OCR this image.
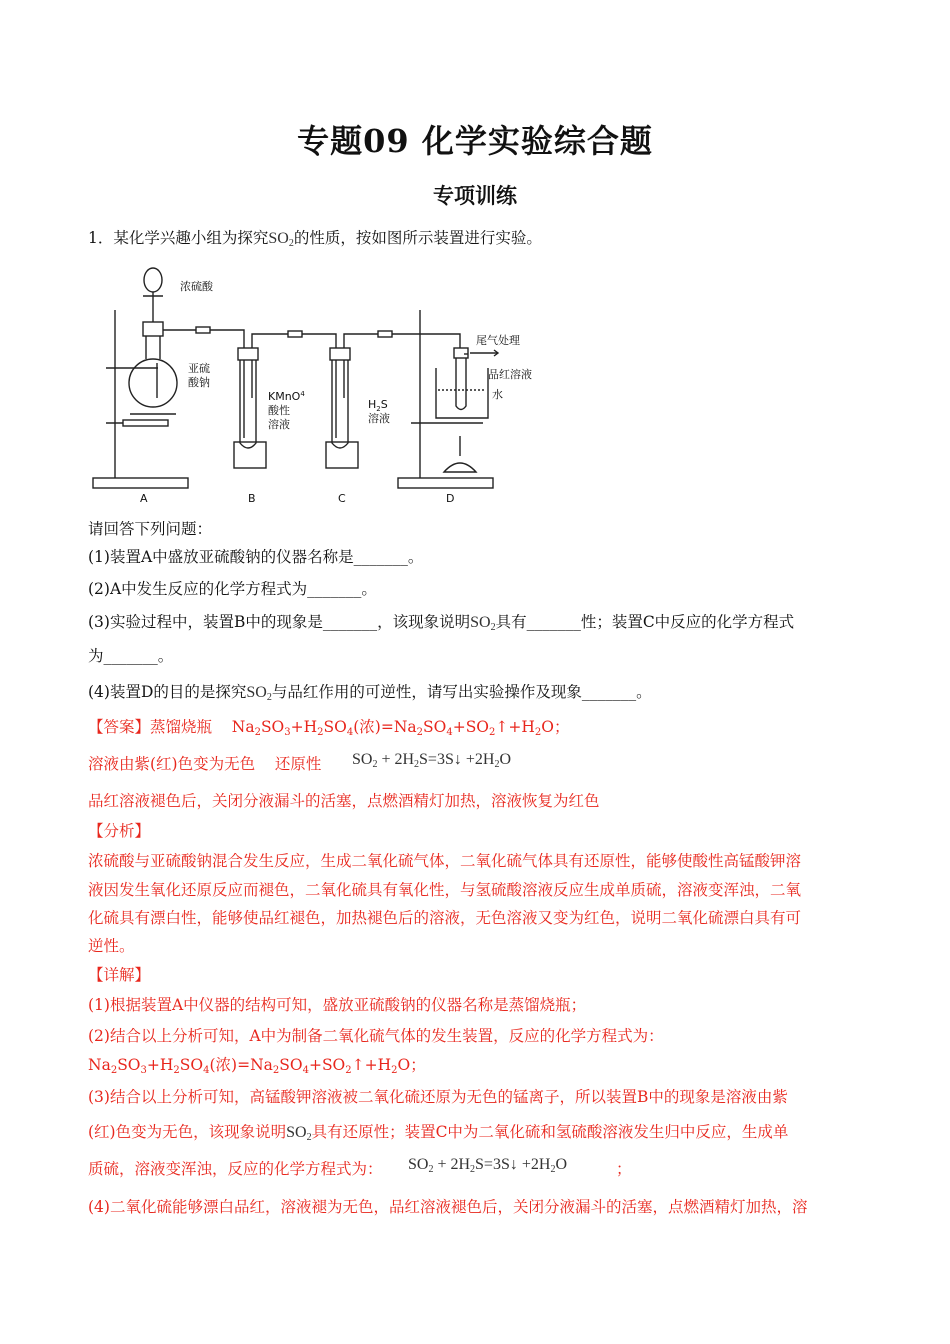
专题09 化学实验综合题
专项训练
1．某化学兴趣小组为探究$SO_2$的性质，按如图所示装置进行实验。
浓硫酸
亚硫
酸钠
KMnO$^4$
酸性
溶液
$H_2S$
溶液
尾气处理
品红溶液
水
A	B	C	D
请回答下列问题：
(1)装置A中盛放亚硫酸钠的仪器名称是_______。
(2)A中发生反应的化学方程式为_______。
(3)实验过程中，装置B中的现象是_______，该现象说明$SO_2$具有_______性；装置C中反应的化学方程式
为_______。
(4)装置D的目的是探究$SO_2$与品红作用的可逆性，请写出实验操作及现象_______。
【答案】蒸馏烧瓶 $Na_2SO_3+H_2SO_4$(浓)$=Na_2SO_4+SO_2↑+H_2O$；
溶液由紫(红)色变为无色 还原性 $SO_2$ + $2H_2S=3S↓ +2H_2O$
品红溶液褪色后，关闭分液漏斗的活塞，点燃酒精灯加热，溶液恢复为红色
【分析】
浓硫酸与亚硫酸钠混合发生反应，生成二氧化硫气体，二氧化硫气体具有还原性，能够使酸性高锰酸钾溶
液因发生氧化还原反应而褪色，二氧化硫具有氧化性，与氢硫酸溶液反应生成单质硫，溶液变浑浊，二氧
化硫具有漂白性，能够使品红褪色，加热褪色后的溶液，无色溶液又变为红色，说明二氧化硫漂白具有可
逆性。
【详解】
(1)根据装置A中仪器的结构可知，盛放亚硫酸钠的仪器名称是蒸馏烧瓶；
(2)结合以上分析可知，A中为制备二氧化硫气体的发生装置，反应的化学方程式为：
$Na_2SO_3+H_2SO_4$(浓)$=Na_2SO_4+SO_2↑+H_2O$；
(3)结合以上分析可知，高锰酸钾溶液被二氧化硫还原为无色的锰离子，所以装置B中的现象是溶液由紫
(红)色变为无色，该现象说明$SO_2$具有还原性；装置C中为二氧化硫和氢硫酸溶液发生归中反应，生成单
质硫，溶液变浑浊，反应的化学方程式为： $SO_2$ + $2H_2S=3S↓ +2H_2O$	；
(4)二氧化硫能够漂白品红，溶液褪为无色，品红溶液褪色后，关闭分液漏斗的活塞，点燃酒精灯加热，溶
